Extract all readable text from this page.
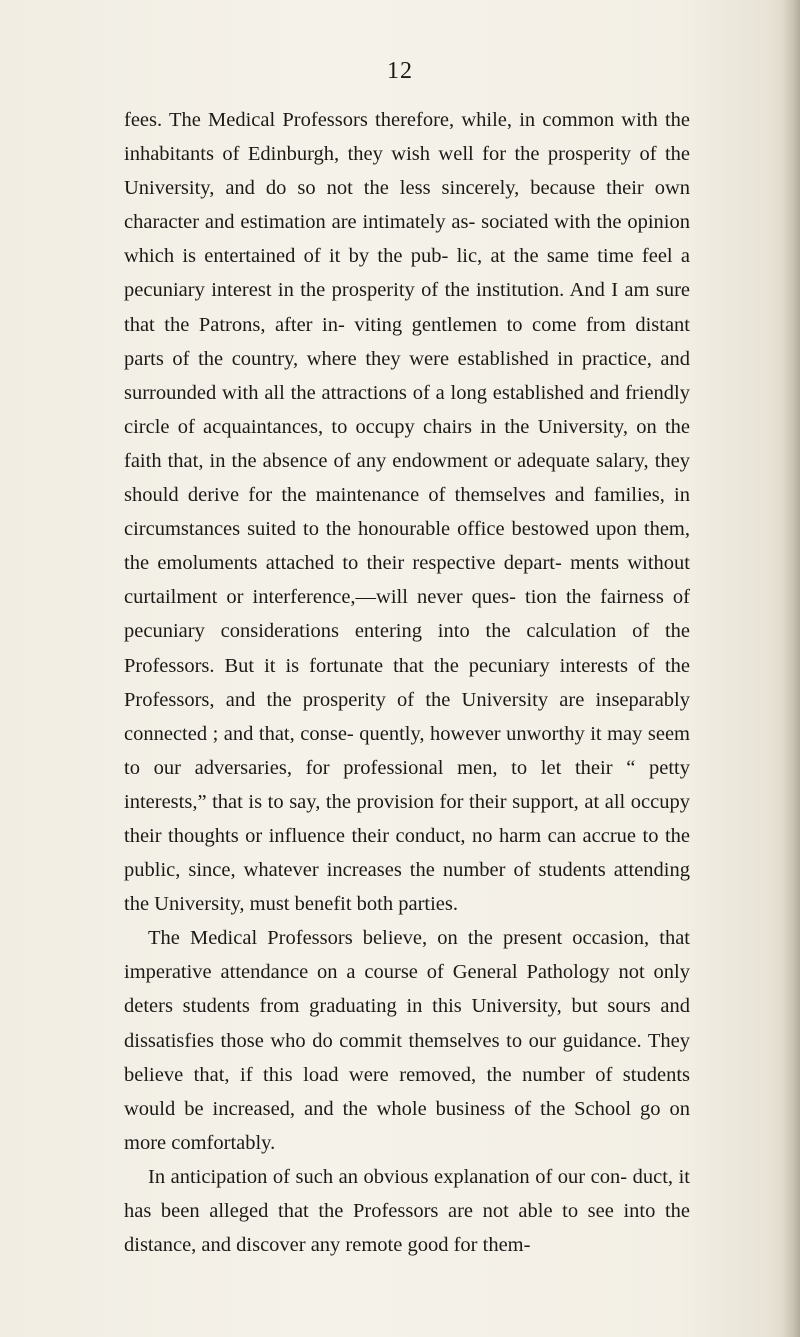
12

fees. The Medical Professors therefore, while, in common with the inhabitants of Edinburgh, they wish well for the prosperity of the University, and do so not the less sincerely, because their own character and estimation are intimately as- sociated with the opinion which is entertained of it by the pub- lic, at the same time feel a pecuniary interest in the prosperity of the institution. And I am sure that the Patrons, after in- viting gentlemen to come from distant parts of the country, where they were established in practice, and surrounded with all the attractions of a long established and friendly circle of acquaintances, to occupy chairs in the University, on the faith that, in the absence of any endowment or adequate salary, they should derive for the maintenance of themselves and families, in circumstances suited to the honourable office bestowed upon them, the emoluments attached to their respective depart- ments without curtailment or interference,—will never ques- tion the fairness of pecuniary considerations entering into the calculation of the Professors. But it is fortunate that the pecuniary interests of the Professors, and the prosperity of the University are inseparably connected ; and that, conse- quently, however unworthy it may seem to our adversaries, for professional men, to let their “ petty interests,” that is to say, the provision for their support, at all occupy their thoughts or influence their conduct, no harm can accrue to the public, since, whatever increases the number of students attending the University, must benefit both parties.

The Medical Professors believe, on the present occasion, that imperative attendance on a course of General Pathology not only deters students from graduating in this University, but sours and dissatisfies those who do commit themselves to our guidance. They believe that, if this load were removed, the number of students would be increased, and the whole business of the School go on more comfortably.

In anticipation of such an obvious explanation of our con- duct, it has been alleged that the Professors are not able to see into the distance, and discover any remote good for them-
